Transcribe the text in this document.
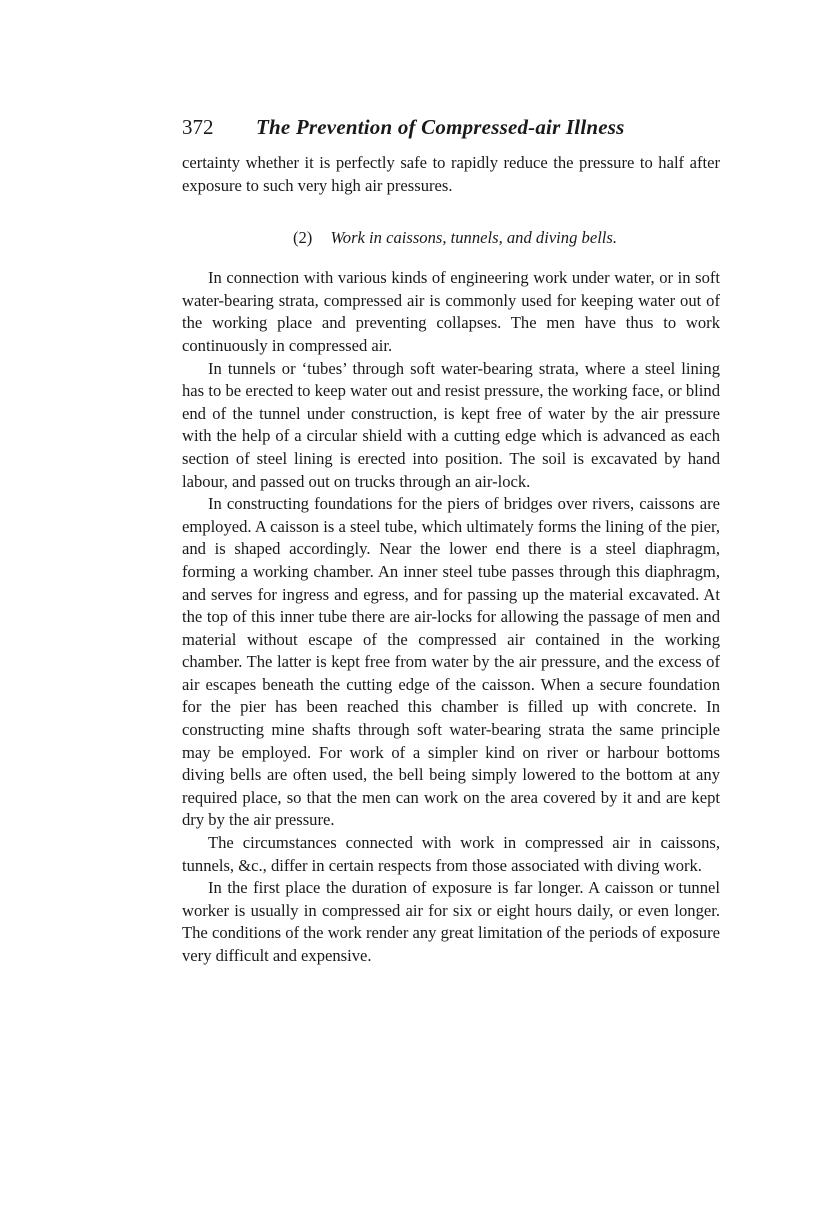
372 The Prevention of Compressed-air Illness

certainty whether it is perfectly safe to rapidly reduce the pressure to half after exposure to such very high air pressures.

(2) Work in caissons, tunnels, and diving bells.

In connection with various kinds of engineering work under water, or in soft water-bearing strata, compressed air is commonly used for keeping water out of the working place and preventing collapses. The men have thus to work continuously in compressed air.

In tunnels or ‘tubes’ through soft water-bearing strata, where a steel lining has to be erected to keep water out and resist pressure, the working face, or blind end of the tunnel under construction, is kept free of water by the air pressure with the help of a circular shield with a cutting edge which is advanced as each section of steel lining is erected into position. The soil is excavated by hand labour, and passed out on trucks through an air-lock.

In constructing foundations for the piers of bridges over rivers, caissons are employed. A caisson is a steel tube, which ultimately forms the lining of the pier, and is shaped accordingly. Near the lower end there is a steel diaphragm, forming a working chamber. An inner steel tube passes through this diaphragm, and serves for ingress and egress, and for passing up the material excavated. At the top of this inner tube there are air-locks for allowing the passage of men and material without escape of the compressed air contained in the working chamber. The latter is kept free from water by the air pressure, and the excess of air escapes beneath the cutting edge of the caisson. When a secure foundation for the pier has been reached this chamber is filled up with concrete. In constructing mine shafts through soft water-bearing strata the same principle may be employed. For work of a simpler kind on river or harbour bottoms diving bells are often used, the bell being simply lowered to the bottom at any required place, so that the men can work on the area covered by it and are kept dry by the air pressure.

The circumstances connected with work in compressed air in caissons, tunnels, &c., differ in certain respects from those associated with diving work.

In the first place the duration of exposure is far longer. A caisson or tunnel worker is usually in compressed air for six or eight hours daily, or even longer. The conditions of the work render any great limitation of the periods of exposure very difficult and expensive.
